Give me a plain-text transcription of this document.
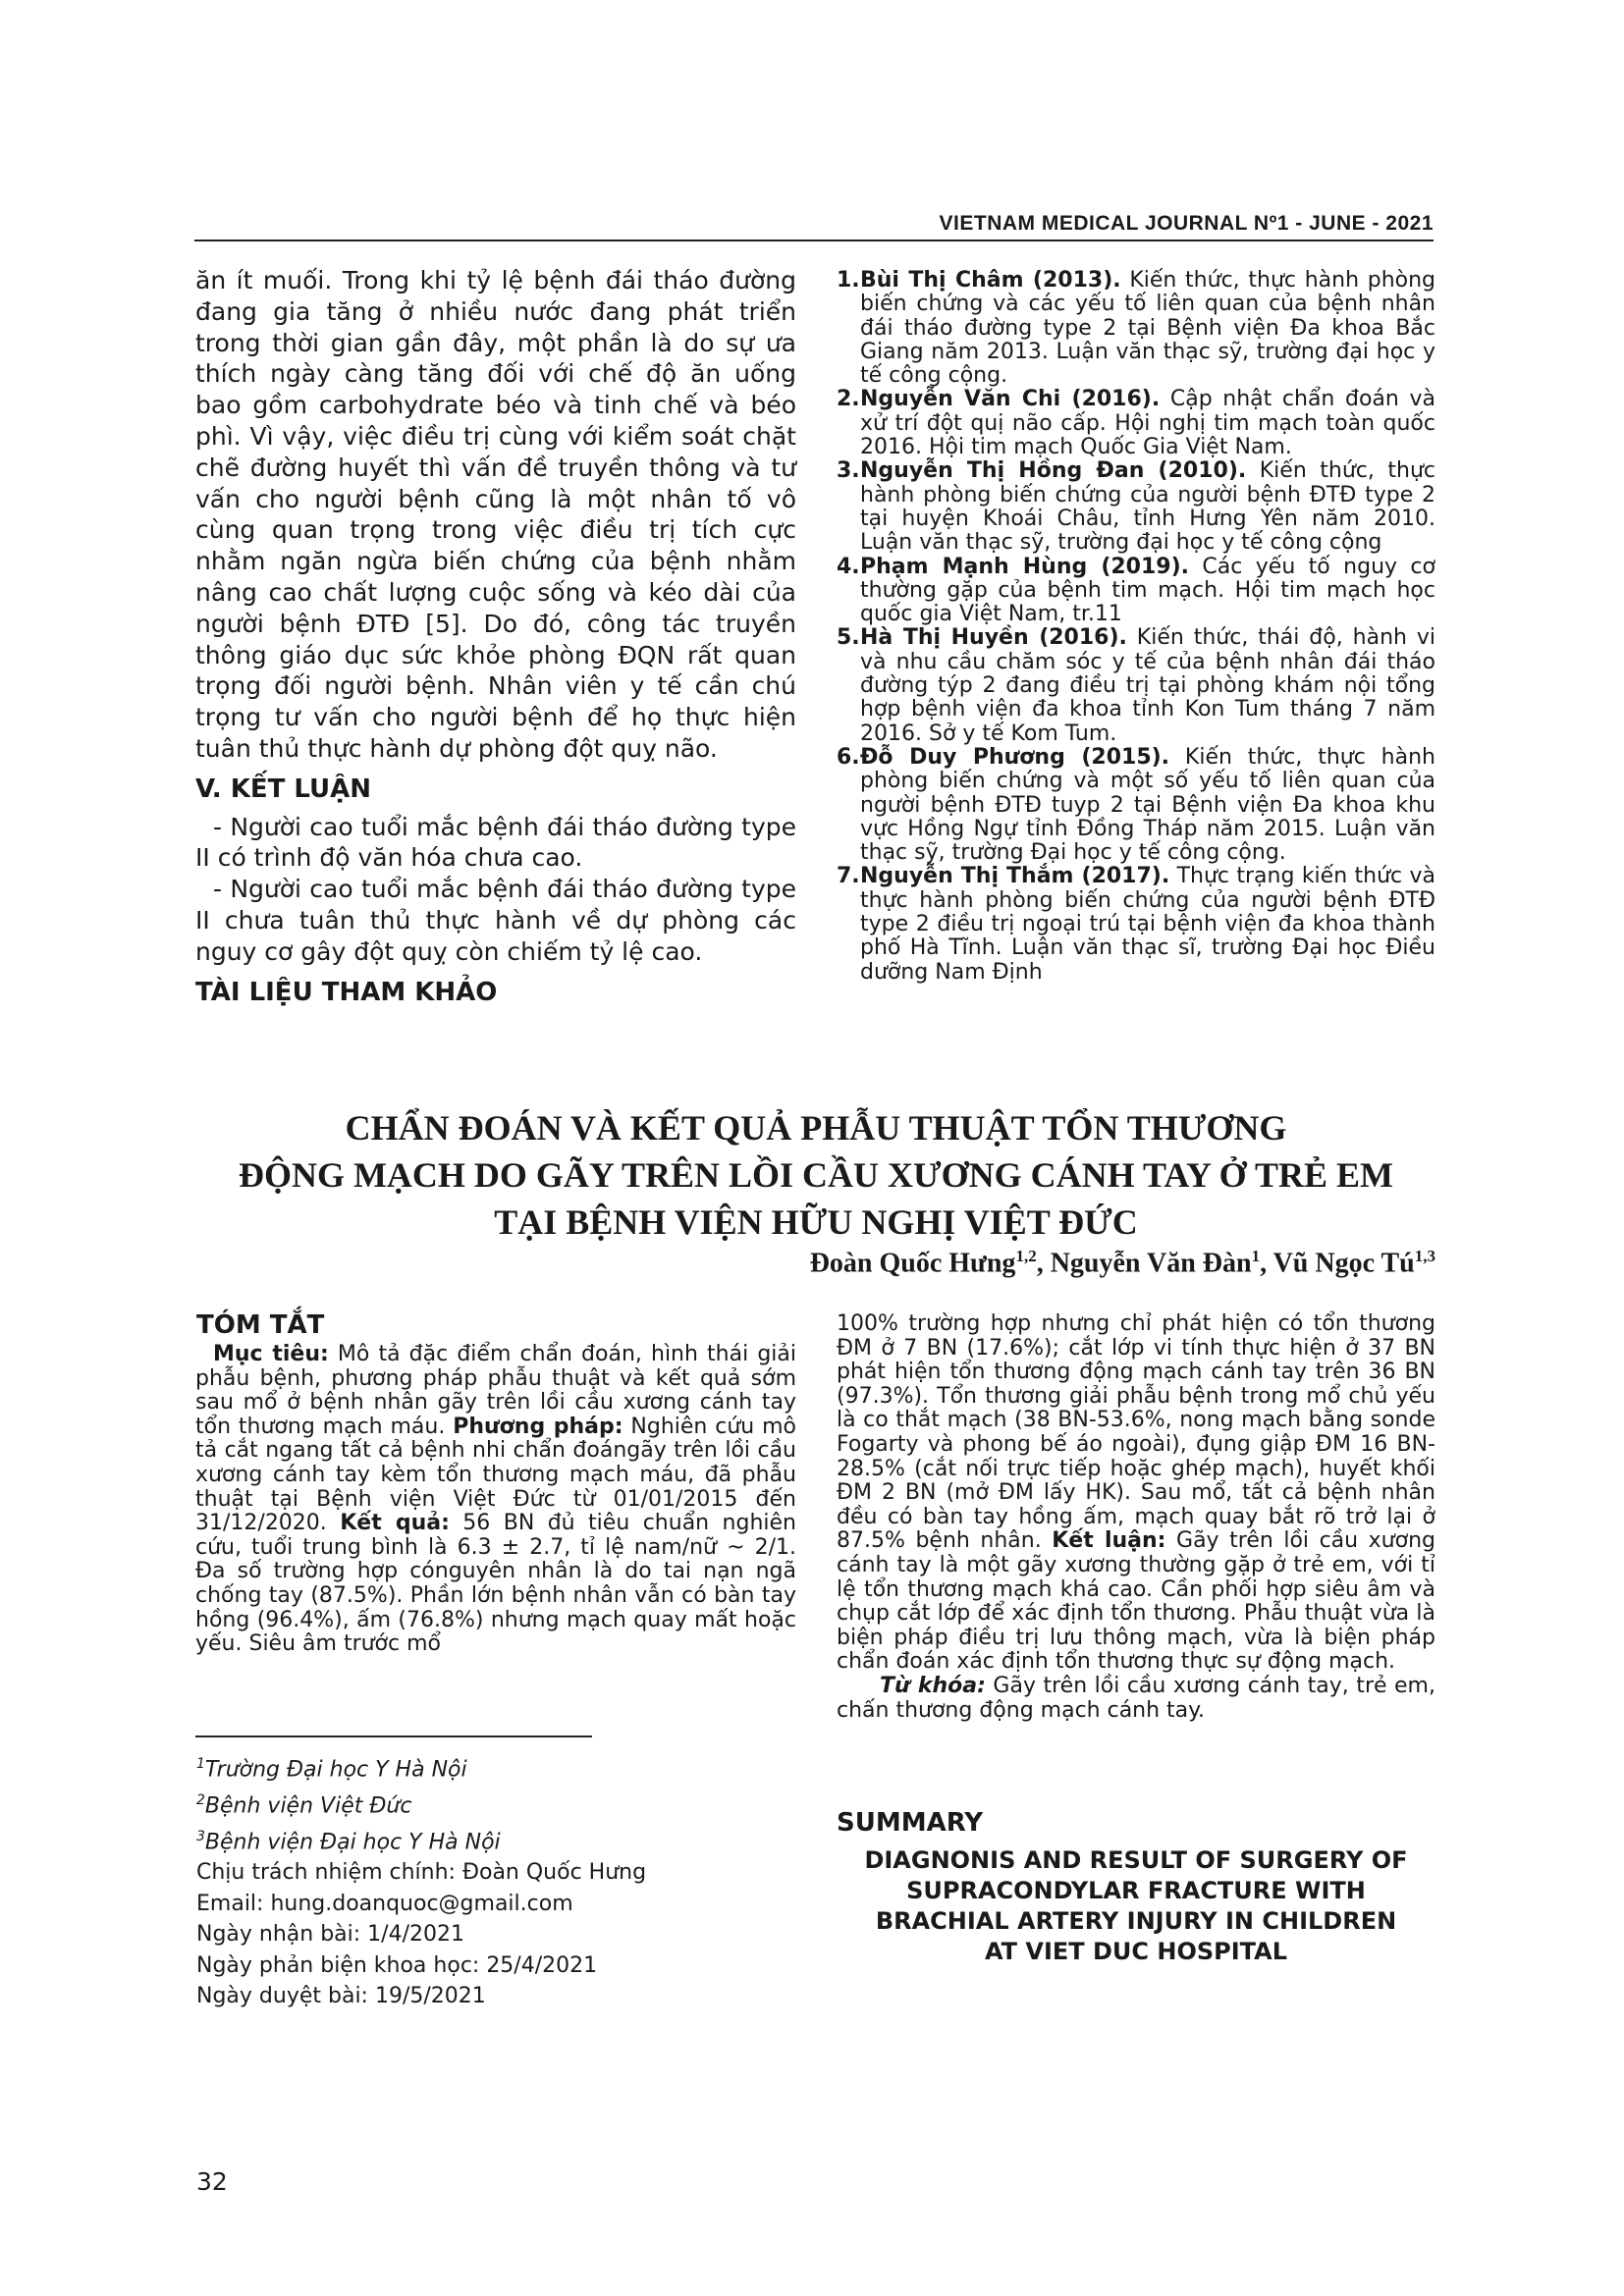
VIETNAM MEDICAL JOURNAL Nº1 - JUNE - 2021

ăn ít muối. Trong khi tỷ lệ bệnh đái tháo đường đang gia tăng ở nhiều nước đang phát triển trong thời gian gần đây, một phần là do sự ưa thích ngày càng tăng đối với chế độ ăn uống bao gồm carbohydrate béo và tinh chế và béo phì. Vì vậy, việc điều trị cùng với kiểm soát chặt chẽ đường huyết thì vấn đề truyền thông và tư vấn cho người bệnh cũng là một nhân tố vô cùng quan trọng trong việc điều trị tích cực nhằm ngăn ngừa biến chứng của bệnh nhằm nâng cao chất lượng cuộc sống và kéo dài của người bệnh ĐTĐ [5]. Do đó, công tác truyền thông giáo dục sức khỏe phòng ĐQN rất quan trọng đối người bệnh. Nhân viên y tế cần chú trọng tư vấn cho người bệnh để họ thực hiện tuân thủ thực hành dự phòng đột quỵ não.

V. KẾT LUẬN

- Người cao tuổi mắc bệnh đái tháo đường type II có trình độ văn hóa chưa cao.

- Người cao tuổi mắc bệnh đái tháo đường type II chưa tuân thủ thực hành về dự phòng các nguy cơ gây đột quỵ còn chiếm tỷ lệ cao.

TÀI LIỆU THAM KHẢO
1. Bùi Thị Châm (2013). Kiến thức, thực hành phòng biến chứng và các yếu tố liên quan của bệnh nhân đái tháo đường type 2 tại Bệnh viện Đa khoa Bắc Giang năm 2013. Luận văn thạc sỹ, trường đại học y tế công cộng.
2. Nguyễn Văn Chi (2016). Cập nhật chẩn đoán và xử trí đột quị não cấp. Hội nghị tim mạch toàn quốc 2016. Hội tim mạch Quốc Gia Việt Nam.
3. Nguyễn Thị Hồng Đan (2010). Kiến thức, thực hành phòng biến chứng của người bệnh ĐTĐ type 2 tại huyện Khoái Châu, tỉnh Hưng Yên năm 2010. Luận văn thạc sỹ, trường đại học y tế công cộng
4. Phạm Mạnh Hùng (2019). Các yếu tố nguy cơ thường gặp của bệnh tim mạch. Hội tim mạch học quốc gia Việt Nam, tr.11
5. Hà Thị Huyền (2016). Kiến thức, thái độ, hành vi và nhu cầu chăm sóc y tế của bệnh nhân đái tháo đường týp 2 đang điều trị tại phòng khám nội tổng hợp bệnh viện đa khoa tỉnh Kon Tum tháng 7 năm 2016. Sở y tế Kom Tum.
6. Đỗ Duy Phương (2015). Kiến thức, thực hành phòng biến chứng và một số yếu tố liên quan của người bệnh ĐTĐ tuyp 2 tại Bệnh viện Đa khoa khu vực Hồng Ngự tỉnh Đồng Tháp năm 2015. Luận văn thạc sỹ, trường Đại học y tế công cộng.
7. Nguyễn Thị Thắm (2017). Thực trạng kiến thức và thực hành phòng biến chứng của người bệnh ĐTĐ type 2 điều trị ngoại trú tại bệnh viện đa khoa thành phố Hà Tĩnh. Luận văn thạc sĩ, trường Đại học Điều dưỡng Nam Định
CHẨN ĐOÁN VÀ KẾT QUẢ PHẪU THUẬT TỔN THƯƠNG
ĐỘNG MẠCH DO GÃY TRÊN LỒI CẦU XƯƠNG CÁNH TAY Ở TRẺ EM
TẠI BỆNH VIỆN HỮU NGHỊ VIỆT ĐỨC
Đoàn Quốc Hưng$^{1,2}$, Nguyễn Văn Đàn$^1$, Vũ Ngọc Tú$^{1,3}$
TÓM TẮT

Mục tiêu: Mô tả đặc điểm chẩn đoán, hình thái giải phẫu bệnh, phương pháp phẫu thuật và kết quả sớm sau mổ ở bệnh nhân gãy trên lồi cầu xương cánh tay tổn thương mạch máu. Phương pháp: Nghiên cứu mô tả cắt ngang tất cả bệnh nhi chẩn đoángãy trên lồi cầu xương cánh tay kèm tổn thương mạch máu, đã phẫu thuật tại Bệnh viện Việt Đức từ 01/01/2015 đến 31/12/2020. Kết quả: 56 BN đủ tiêu chuẩn nghiên cứu, tuổi trung bình là 6.3 ± 2.7, tỉ lệ nam/nữ ~ 2/1. Đa số trường hợp cónguyên nhân là do tai nạn ngã chống tay (87.5%). Phần lớn bệnh nhân vẫn có bàn tay hồng (96.4%), ấm (76.8%) nhưng mạch quay mất hoặc yếu. Siêu âm trước mổ

100% trường hợp nhưng chỉ phát hiện có tổn thương ĐM ở 7 BN (17.6%); cắt lớp vi tính thực hiện ở 37 BN phát hiện tổn thương động mạch cánh tay trên 36 BN (97.3%). Tổn thương giải phẫu bệnh trong mổ chủ yếu là co thắt mạch (38 BN-53.6%, nong mạch bằng sonde Fogarty và phong bế áo ngoài), đụng giập ĐM 16 BN-28.5% (cắt nối trực tiếp hoặc ghép mạch), huyết khối ĐM 2 BN (mở ĐM lấy HK). Sau mổ, tất cả bệnh nhân đều có bàn tay hồng ấm, mạch quay bắt rõ trở lại ở 87.5% bệnh nhân. Kết luận: Gãy trên lồi cầu xương cánh tay là một gãy xương thường gặp ở trẻ em, với tỉ lệ tổn thương mạch khá cao. Cần phối hợp siêu âm và chụp cắt lớp để xác định tổn thương. Phẫu thuật vừa là biện pháp điều trị lưu thông mạch, vừa là biện pháp chẩn đoán xác định tổn thương thực sự động mạch.

Từ khóa: Gãy trên lồi cầu xương cánh tay, trẻ em, chấn thương động mạch cánh tay.

$^1$Trường Đại học Y Hà Nội
$^2$Bệnh viện Việt Đức
$^3$Bệnh viện Đại học Y Hà Nội
Chịu trách nhiệm chính: Đoàn Quốc Hưng
Email: hung.doanquoc@gmail.com
Ngày nhận bài: 1/4/2021
Ngày phản biện khoa học: 25/4/2021
Ngày duyệt bài: 19/5/2021
SUMMARY
DIAGNONIS AND RESULT OF SURGERY OF
SUPRACONDYLAR FRACTURE WITH
BRACHIAL ARTERY INJURY IN CHILDREN
AT VIET DUC HOSPITAL
32
